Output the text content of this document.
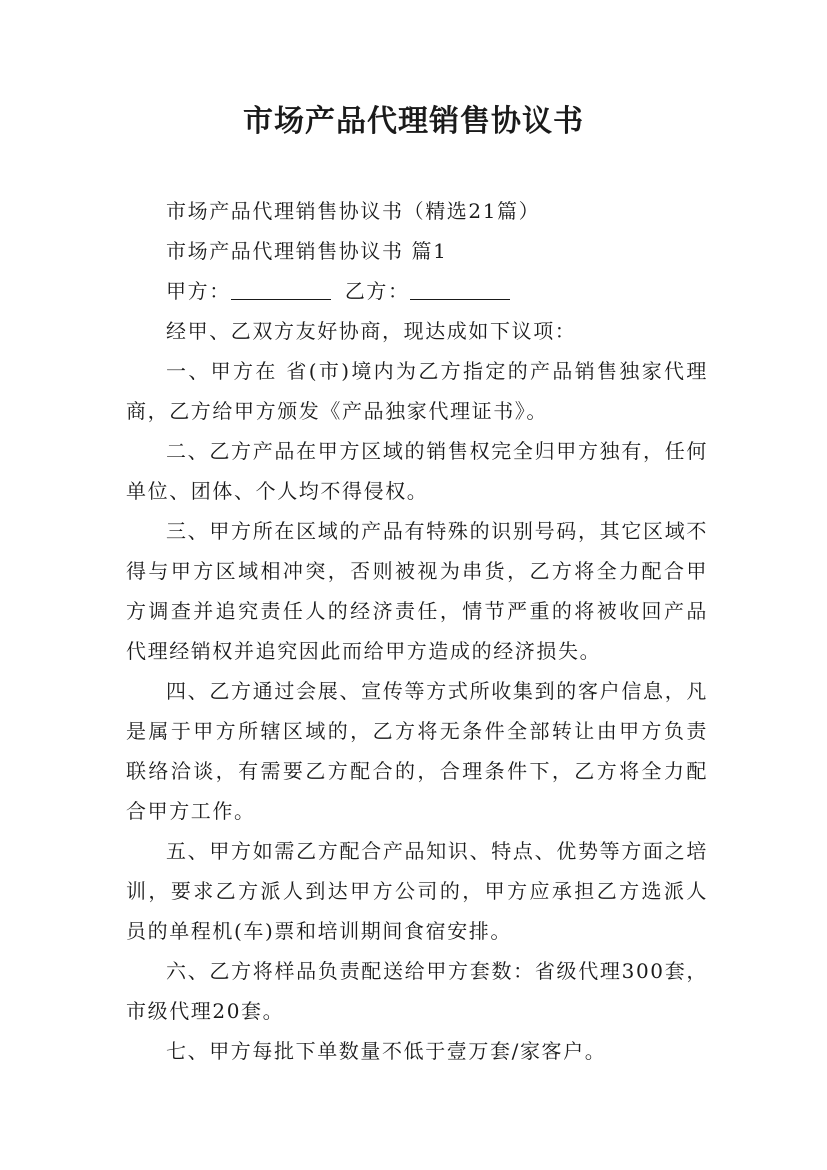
市场产品代理销售协议书

市场产品代理销售协议书（精选21篇）

市场产品代理销售协议书 篇1

甲方：	乙方：

经甲、乙双方友好协商，现达成如下议项：

一、甲方在 省(市)境内为乙方指定的产品销售独家代理商，乙方给甲方颁发《产品独家代理证书》。

二、乙方产品在甲方区域的销售权完全归甲方独有，任何单位、团体、个人均不得侵权。

三、甲方所在区域的产品有特殊的识别号码，其它区域不得与甲方区域相冲突，否则被视为串货，乙方将全力配合甲方调查并追究责任人的经济责任，情节严重的将被收回产品代理经销权并追究因此而给甲方造成的经济损失。

四、乙方通过会展、宣传等方式所收集到的客户信息，凡是属于甲方所辖区域的，乙方将无条件全部转让由甲方负责联络洽谈，有需要乙方配合的，合理条件下，乙方将全力配合甲方工作。

五、甲方如需乙方配合产品知识、特点、优势等方面之培训，要求乙方派人到达甲方公司的，甲方应承担乙方选派人员的单程机(车)票和培训期间食宿安排。

六、乙方将样品负责配送给甲方套数：省级代理300套，市级代理20套。

七、甲方每批下单数量不低于壹万套/家客户。
